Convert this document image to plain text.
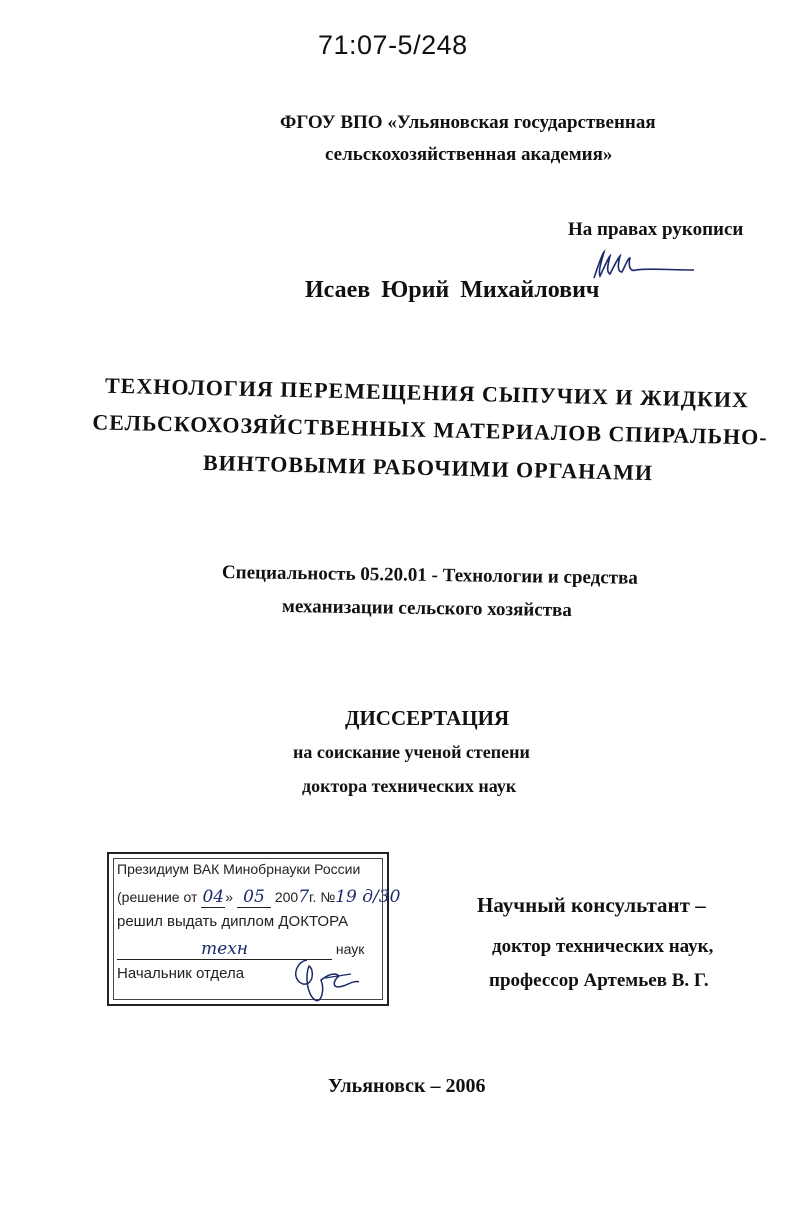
71:07-5/248
ФГОУ ВПО «Ульяновская государственная
сельскохозяйственная академия»
На правах рукописи
Исаев Юрий Михайлович
ТЕХНОЛОГИЯ ПЕРЕМЕЩЕНИЯ СЫПУЧИХ И ЖИДКИХ
СЕЛЬСКОХОЗЯЙСТВЕННЫХ МАТЕРИАЛОВ СПИРАЛЬНО-
ВИНТОВЫМИ РАБОЧИМИ ОРГАНАМИ
Специальность 05.20.01 - Технологии и средства
механизации сельского хозяйства
ДИССЕРТАЦИЯ
на соискание ученой степени
доктора технических наук
Президиум ВАК Минобрнауки России
(решение от 04» 05 2007г. №19 д/30
решил выдать диплом ДОКТОРА
техн	наук
Начальник отдела
Научный консультант –
доктор технических наук,
профессор Артемьев В. Г.
Ульяновск – 2006
